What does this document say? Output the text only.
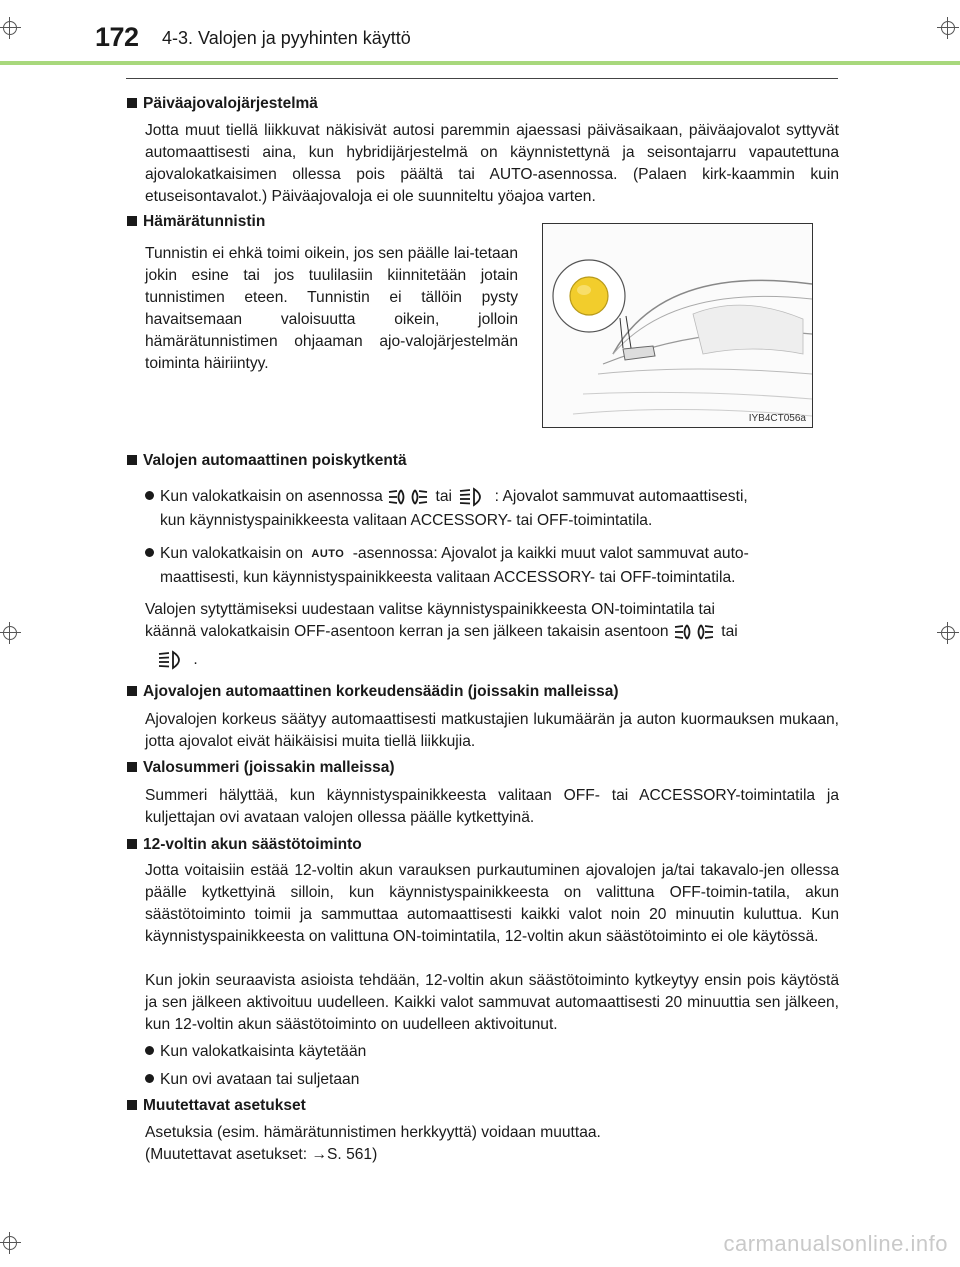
172 4-3. Valojen ja pyyhinten käyttö
Päiväajovalojärjestelmä
Jotta muut tiellä liikkuvat näkisivät autosi paremmin ajaessasi päiväsaikaan, päiväajovalot syttyvät automaattisesti aina, kun hybridijärjestelmä on käynnistettynä ja seisontajarru vapautettuna ajovalokatkaisimen ollessa pois päältä tai AUTO-asennossa. (Palaen kirk-kaammin kuin etuseisontavalot.) Päiväajovaloja ei ole suunniteltu yöajoa varten.
Hämärätunnistin
Tunnistin ei ehkä toimi oikein, jos sen päälle lai-tetaan jokin esine tai jos tuulilasiin kiinnitetään jotain tunnistimen eteen. Tunnistin ei tällöin pysty havaitsemaan valoisuutta oikein, jolloin hämärätunnistimen ohjaaman ajo-valojärjestelmän toiminta häiriintyy.
IYB4CT056a
Valojen automaattinen poiskytkentä
Kun valokatkaisin on asennossa	tai	: Ajovalot sammuvat automaattisesti,
kun käynnistyspainikkeesta valitaan ACCESSORY- tai OFF-toimintatila.
Kun valokatkaisin on AUTO -asennossa: Ajovalot ja kaikki muut valot sammuvat auto-
maattisesti, kun käynnistyspainikkeesta valitaan ACCESSORY- tai OFF-toimintatila.
Valojen sytyttämiseksi uudestaan valitse käynnistyspainikkeesta ON-toimintatila tai
käännä valokatkaisin OFF-asentoon kerran ja sen jälkeen takaisin asentoon	tai
.
Ajovalojen automaattinen korkeudensäädin (joissakin malleissa)
Ajovalojen korkeus säätyy automaattisesti matkustajien lukumäärän ja auton kuormauksen mukaan, jotta ajovalot eivät häikäisisi muita tiellä liikkujia.
Valosummeri (joissakin malleissa)
Summeri hälyttää, kun käynnistyspainikkeesta valitaan OFF- tai ACCESSORY-toimintatila ja kuljettajan ovi avataan valojen ollessa päälle kytkettyinä.
12-voltin akun säästötoiminto
Jotta voitaisiin estää 12-voltin akun varauksen purkautuminen ajovalojen ja/tai takavalo-jen ollessa päälle kytkettyinä silloin, kun käynnistyspainikkeesta on valittuna OFF-toimin-tatila, akun säästötoiminto toimii ja sammuttaa automaattisesti kaikki valot noin 20 minuutin kuluttua. Kun käynnistyspainikkeesta on valittuna ON-toimintatila, 12-voltin akun säästötoiminto ei ole käytössä.
Kun jokin seuraavista asioista tehdään, 12-voltin akun säästötoiminto kytkeytyy ensin pois käytöstä ja sen jälkeen aktivoituu uudelleen. Kaikki valot sammuvat automaattisesti 20 minuuttia sen jälkeen, kun 12-voltin akun säästötoiminto on uudelleen aktivoitunut.
Kun valokatkaisinta käytetään
Kun ovi avataan tai suljetaan
Muutettavat asetukset
Asetuksia (esim. hämärätunnistimen herkkyyttä) voidaan muuttaa.
(Muutettavat asetukset: →S. 561)
carmanualsonline.info
